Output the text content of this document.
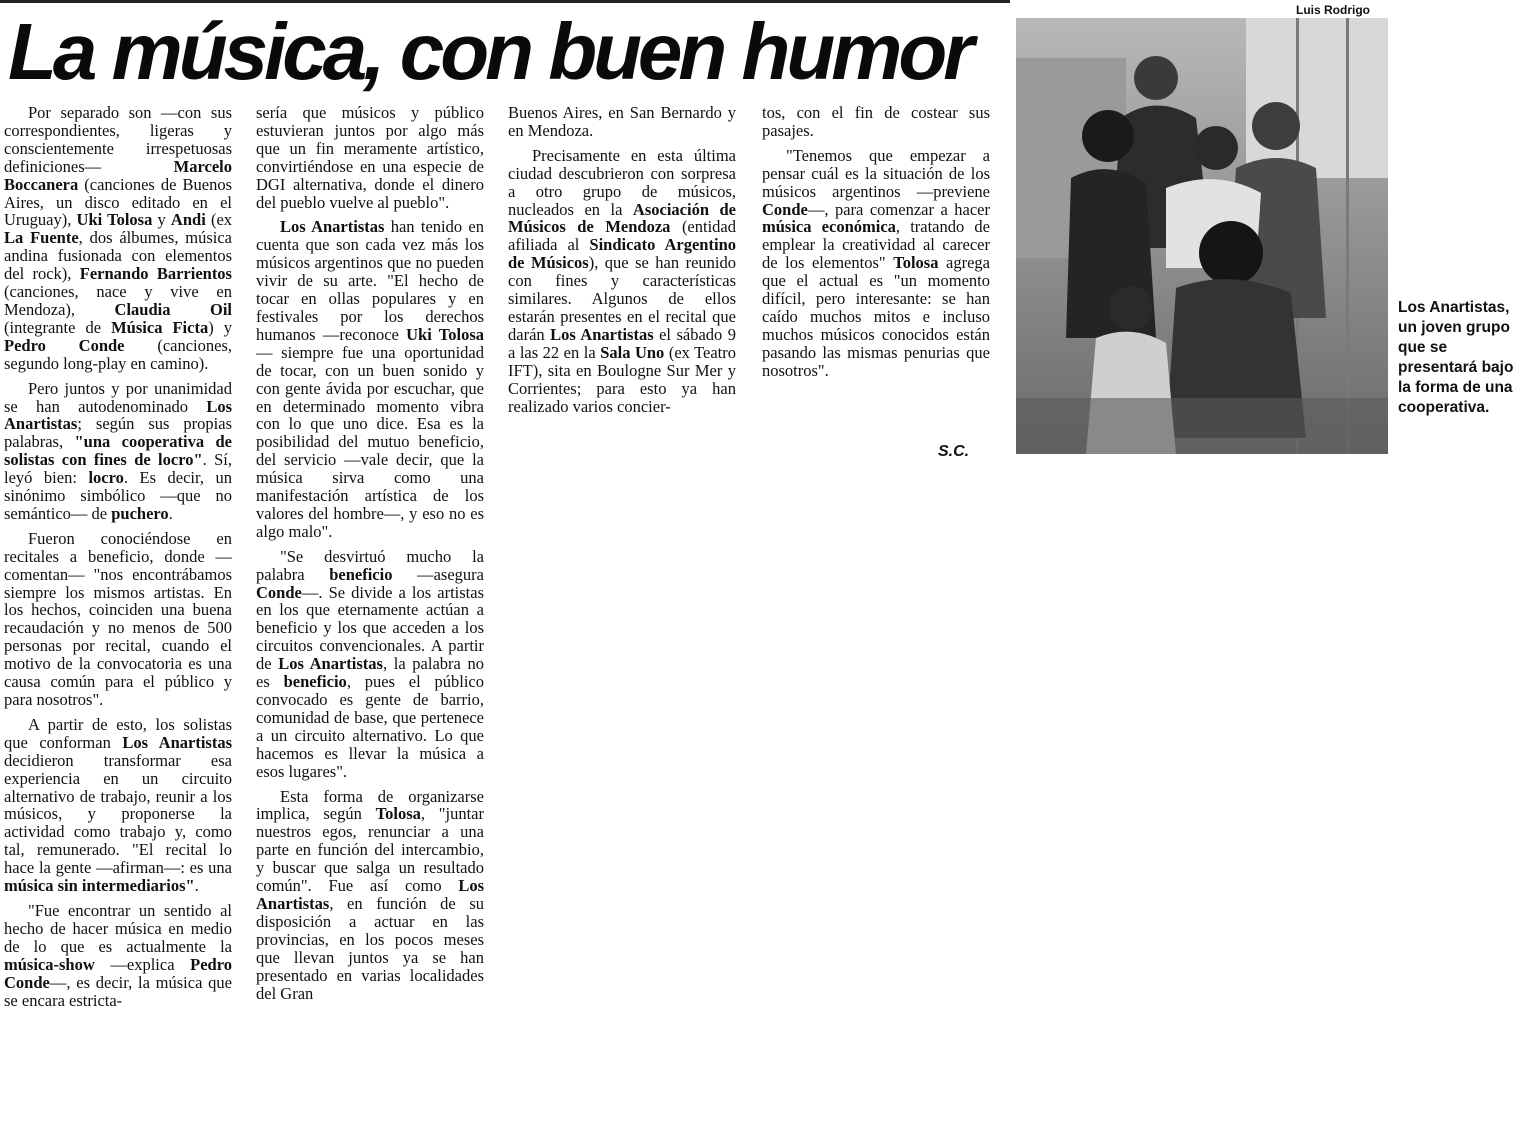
La música, con buen humor	Luis Rodrigo

Por separado son —con sus correspondientes, ligeras y conscientemente irrespetuosas definiciones— Marcelo Boccanera (canciones de Buenos Aires, un disco editado en el Uruguay), Uki Tolosa y Andi (ex La Fuente, dos álbumes, música andina fusionada con elementos del rock), Fernando Barrientos (canciones, nace y vive en Mendoza), Claudia Oil (integrante de Música Ficta) y Pedro Conde (canciones, segundo long-play en camino).

Pero juntos y por unanimidad se han autodenominado Los Anartistas; según sus propias palabras, "una cooperativa de solistas con fines de locro". Sí, leyó bien: locro. Es decir, un sinónimo simbólico —que no semántico— de puchero.

Fueron conociéndose en recitales a beneficio, donde —comentan— "nos encontrábamos siempre los mismos artistas. En los hechos, coinciden una buena recaudación y no menos de 500 personas por recital, cuando el motivo de la convocatoria es una causa común para el público y para nosotros".

A partir de esto, los solistas que conforman Los Anartistas decidieron transformar esa experiencia en un circuito alternativo de trabajo, reunir a los músicos, y proponerse la actividad como trabajo y, como tal, remunerado. "El recital lo hace la gente —afirman—: es una música sin intermediarios".

"Fue encontrar un sentido al hecho de hacer música en medio de lo que es actualmente la música-show —explica Pedro Conde—, es decir, la música que se encara estricta-

sería que músicos y público estuvieran juntos por algo más que un fin meramente artístico, convirtiéndose en una especie de DGI alternativa, donde el dinero del pueblo vuelve al pueblo".

Los Anartistas han tenido en cuenta que son cada vez más los músicos argentinos que no pueden vivir de su arte. "El hecho de tocar en ollas populares y en festivales por los derechos humanos —reconoce Uki Tolosa— siempre fue una oportunidad de tocar, con un buen sonido y con gente ávida por escuchar, que en determinado momento vibra con lo que uno dice. Esa es la posibilidad del mutuo beneficio, del servicio —vale decir, que la música sirva como una manifestación artística de los valores del hombre—, y eso no es algo malo".

"Se desvirtuó mucho la palabra beneficio —asegura Conde—. Se divide a los artistas en los que eternamente actúan a beneficio y los que acceden a los circuitos convencionales. A partir de Los Anartistas, la palabra no es beneficio, pues el público convocado es gente de barrio, comunidad de base, que pertenece a un circuito alternativo. Lo que hacemos es llevar la música a esos lugares".

Esta forma de organizarse implica, según Tolosa, "juntar nuestros egos, renunciar a una parte en función del intercambio, y buscar que salga un resultado común". Fue así como Los Anartistas, en función de su disposición a actuar en las provincias, en los pocos meses que llevan juntos ya se han presentado en varias localidades del Gran

Buenos Aires, en San Bernardo y en Mendoza.

Precisamente en esta última ciudad descubrieron con sorpresa a otro grupo de músicos, nucleados en la Asociación de Músicos de Mendoza (entidad afiliada al Sindicato Argentino de Músicos), que se han reunido con fines y características similares. Algunos de ellos estarán presentes en el recital que darán Los Anartistas el sábado 9 a las 22 en la Sala Uno (ex Teatro IFT), sita en Boulogne Sur Mer y Corrientes; para esto ya han realizado varios concier-

tos, con el fin de costear sus pasajes.

"Tenemos que empezar a pensar cuál es la situación de los músicos argentinos —previene Conde—, para comenzar a hacer música económica, tratando de emplear la creatividad al carecer de los elementos" Tolosa agrega que el actual es "un momento difícil, pero interesante: se han caído muchos mitos e incluso muchos músicos conocidos están pasando las mismas penurias que nosotros".

S.C.
Los Anartistas, un joven grupo que se presentará bajo la forma de una cooperativa.
